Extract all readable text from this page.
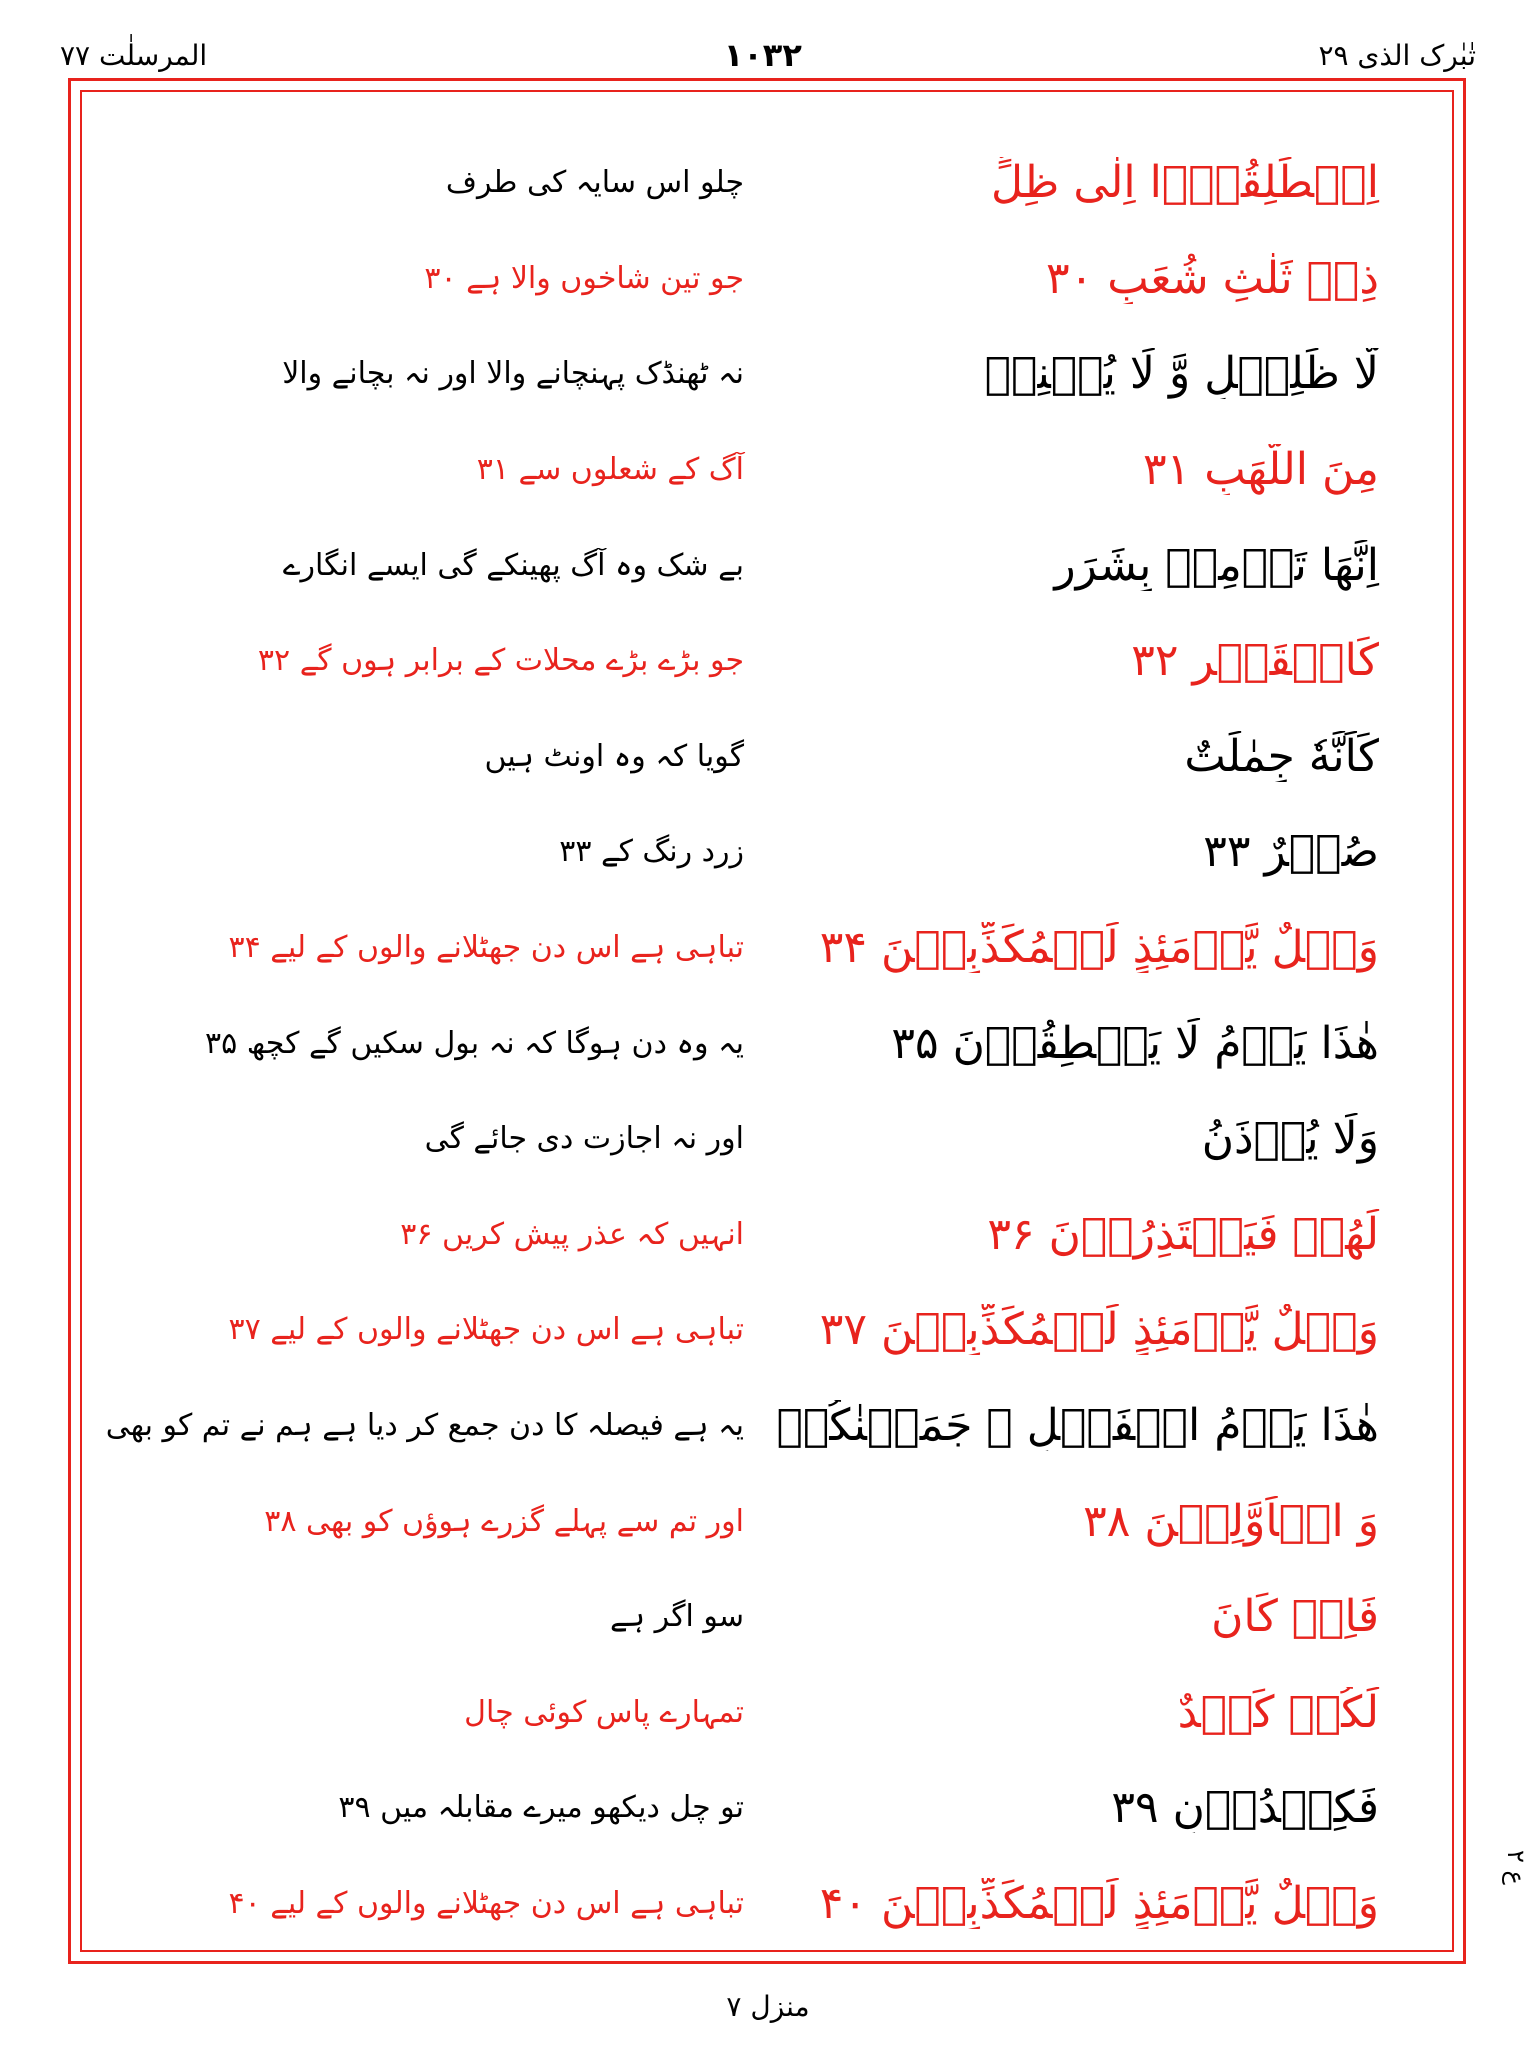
المرسلٰت ۷۷	۱۰۳۲	تٰبٰرک الذی ۲۹
اِنۡطَلِقُوۡۤا اِلٰی ظِلٍّ
چلو اس سایہ کی طرف
ذِیۡ ثَلٰثِ شُعَبٍ ۳۰
جو تین شاخوں والا ہے ۳۰
لَّا ظَلِیۡلٍ وَّ لَا یُغۡنِیۡ
نہ ٹھنڈک پہنچانے والا اور نہ بچانے والا
مِنَ اللَّهَبِ ۳۱
آگ کے شعلوں سے ۳۱
اِنَّهَا تَرۡمِیۡ بِشَرَرٍ
بے شک وہ آگ پھینکے گی ایسے انگارے
کَالۡقَصۡرِ ۳۲
جو بڑے بڑے محلات کے برابر ہوں گے ۳۲
کَاَنَّهٗ جِمٰلَتٌ
گویا کہ وہ اونٹ ہیں
صُفۡرٌ ۳۳
زرد رنگ کے ۳۳
وَیۡلٌ یَّوۡمَئِذٍ لِّلۡمُکَذِّبِیۡنَ ۳۴
تباہی ہے اس دن جھٹلانے والوں کے لیے ۳۴
هٰذَا یَوۡمُ لَا یَنۡطِقُوۡنَ ۳۵
یہ وہ دن ہوگا کہ نہ بول سکیں گے کچھ ۳۵
وَلَا یُؤۡذَنُ
اور نہ اجازت دی جائے گی
لَهُمۡ فَیَعۡتَذِرُوۡنَ ۳۶
انہیں کہ عذر پیش کریں ۳۶
وَیۡلٌ یَّوۡمَئِذٍ لِّلۡمُکَذِّبِیۡنَ ۳۷
تباہی ہے اس دن جھٹلانے والوں کے لیے ۳۷
هٰذَا یَوۡمُ الۡفَصۡلِ ۚ جَمَعۡنٰکُمۡ
یہ ہے فیصلہ کا دن جمع کر دیا ہے ہم نے تم کو بھی
وَ الۡاَوَّلِیۡنَ ۳۸
اور تم سے پہلے گزرے ہوؤں کو بھی ۳۸
فَاِنۡ کَانَ
سو اگر ہے
لَکُمۡ کَیۡدٌ
تمہارے پاس کوئی چال
فَکِیۡدُوۡنِ ۳۹
تو چل دیکھو میرے مقابلہ میں ۳۹
وَیۡلٌ یَّوۡمَئِذٍ لِّلۡمُکَذِّبِیۡنَ ۴۰
تباہی ہے اس دن جھٹلانے والوں کے لیے ۴۰
ع ۲
منزل ۷
